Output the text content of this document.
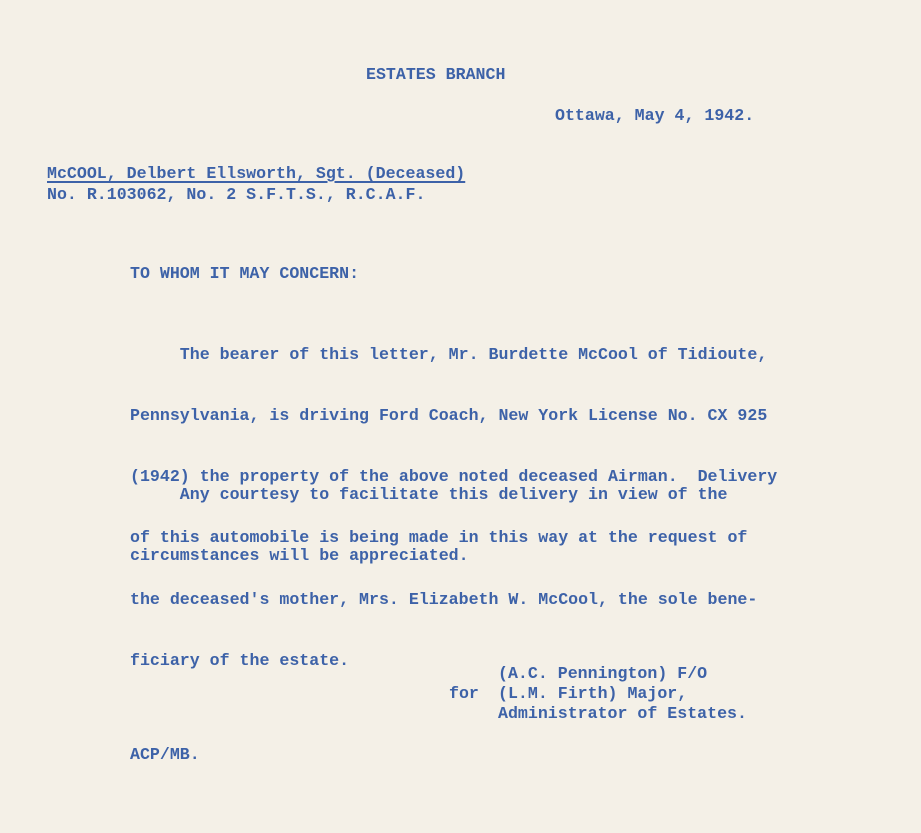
ESTATES BRANCH
Ottawa, May 4, 1942.
McCOOL, Delbert Ellsworth, Sgt. (Deceased)
No. R.103062, No. 2 S.F.T.S., R.C.A.F.
TO WHOM IT MAY CONCERN:

The bearer of this letter, Mr. Burdette McCool of Tidioute,

Pennsylvania, is driving Ford Coach, New York License No. CX 925

(1942) the property of the above noted deceased Airman.  Delivery

of this automobile is being made in this way at the request of

the deceased's mother, Mrs. Elizabeth W. McCool, the sole bene-

ficiary of the estate.

Any courtesy to facilitate this delivery in view of the

circumstances will be appreciated.

(A.C. Pennington) F/O
for (L.M. Firth) Major,
Administrator of Estates.
ACP/MB.
